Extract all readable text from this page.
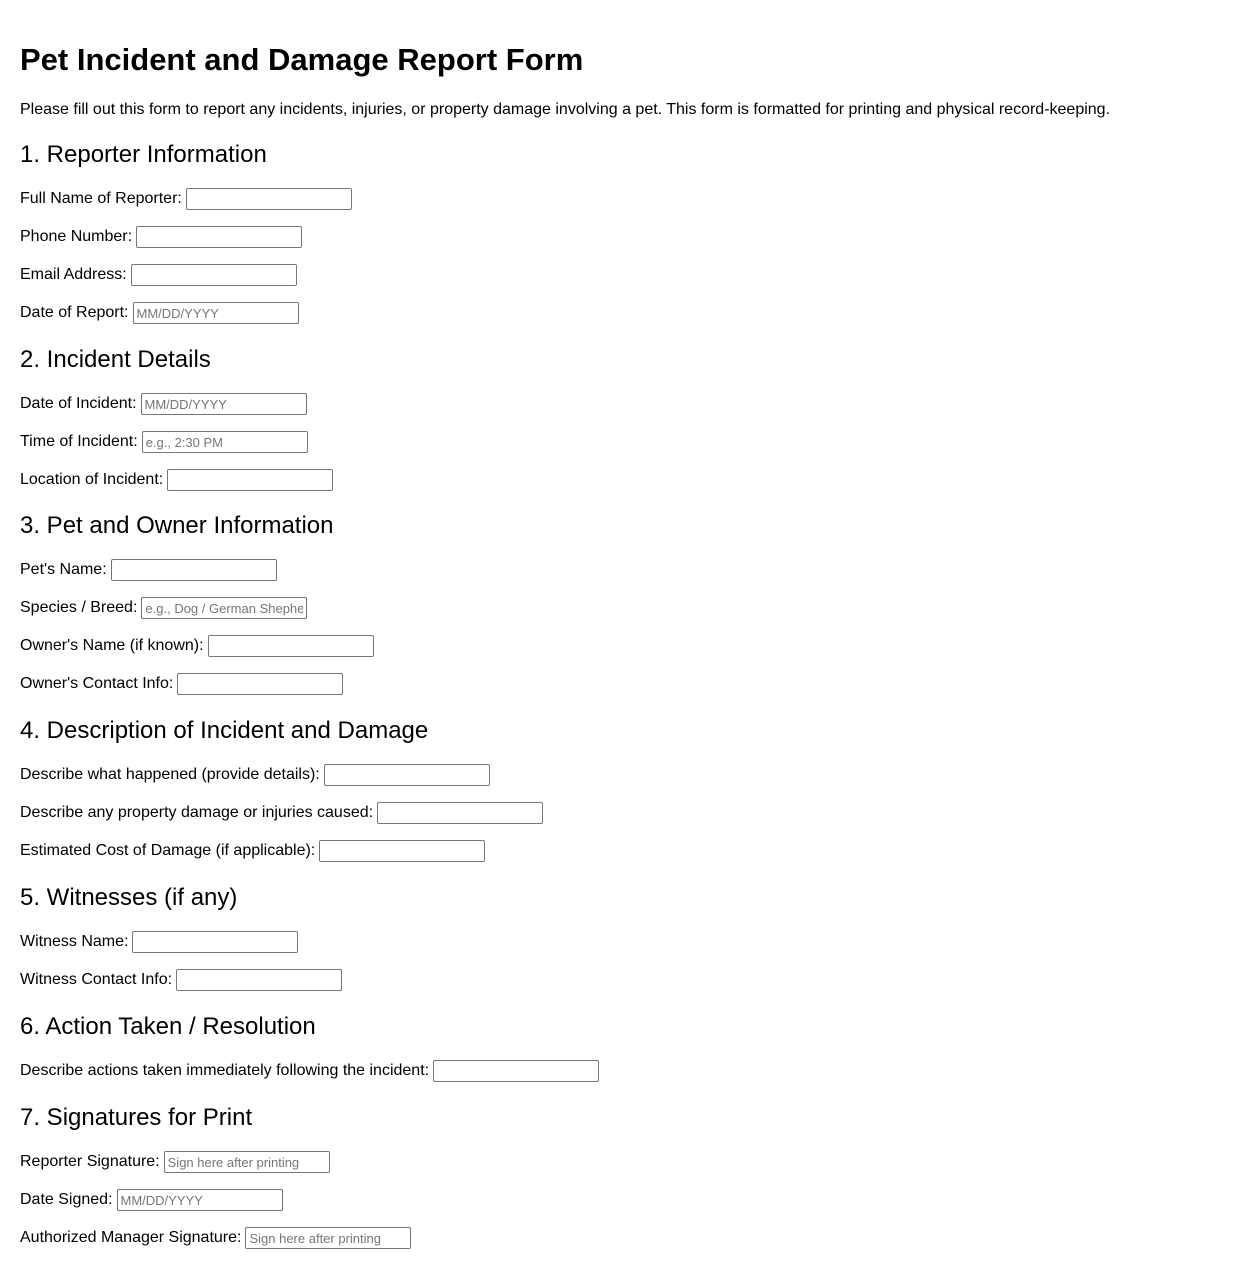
Pet Incident and Damage Report Form

Please fill out this form to report any incidents, injuries, or property damage involving a pet. This form is formatted for printing and physical record-keeping.

1. Reporter Information
Full Name of Reporter:
Phone Number:
Email Address:
Date of Report:
MM/DD/YYYY
2. Incident Details
Date of Incident:
MM/DD/YYYY
Time of Incident:
e.g., 2:30 PM
Location of Incident:
3. Pet and Owner Information
Pet's Name:
Species / Breed:
e.g., Dog / German Shephe
Owner's Name (if known):
Owner's Contact Info:
4. Description of Incident and Damage
Describe what happened (provide details):
Describe any property damage or injuries caused:
Estimated Cost of Damage (if applicable):
5. Witnesses (if any)
Witness Name:
Witness Contact Info:
6. Action Taken / Resolution
Describe actions taken immediately following the incident:
7. Signatures for Print
Reporter Signature:
Sign here after printing
Date Signed:
MM/DD/YYYY
Authorized Manager Signature:
Sign here after printing
